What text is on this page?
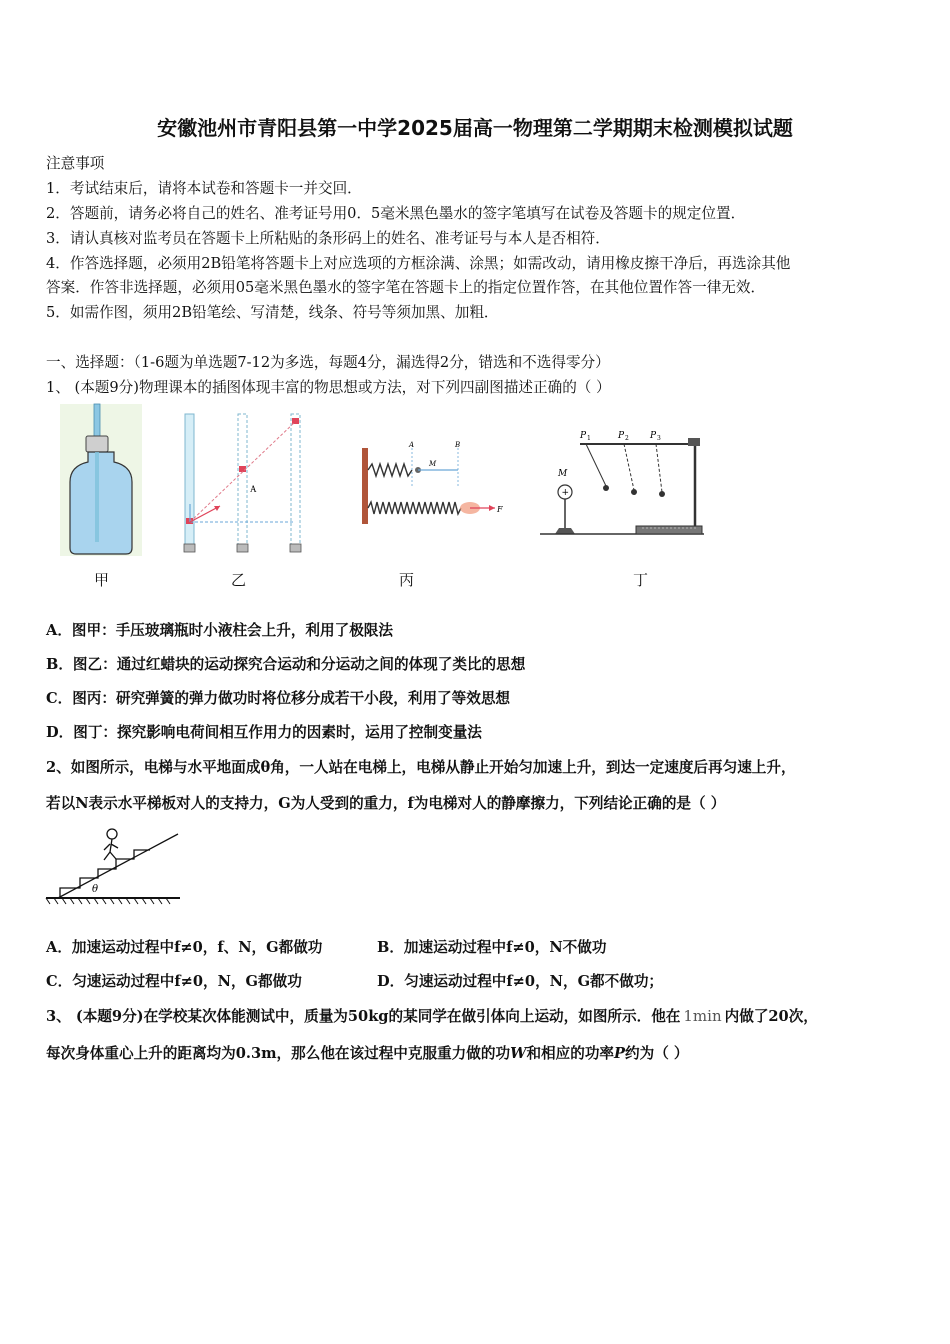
安徽池州市青阳县第一中学2025届高一物理第二学期期末检测模拟试题
注意事项
1．考试结束后，请将本试卷和答题卡一并交回．
2．答题前，请务必将自己的姓名、准考证号用0．5毫米黑色墨水的签字笔填写在试卷及答题卡的规定位置．
3．请认真核对监考员在答题卡上所粘贴的条形码上的姓名、准考证号与本人是否相符．
4．作答选择题，必须用2B铅笔将答题卡上对应选项的方框涂满、涂黑；如需改动，请用橡皮擦干净后，再选涂其他
答案．作答非选择题，必须用05毫米黑色墨水的签字笔在答题卡上的指定位置作答，在其他位置作答一律无效．
5．如需作图，须用2B铅笔绘、写清楚，线条、符号等须加黑、加粗．
一、选择题：（1-6题为单选题7-12为多选，每题4分，漏选得2分，错选和不选得零分）
1、 (本题9分)物理课本的插图体现丰富的物思想或方法，对下列四副图描述正确的（ ）
甲
A
乙
A	B
M
F
丙
P 1	P 2 P 3
M
+
丁
A．图甲：手压玻璃瓶时小液柱会上升，利用了极限法
B．图乙：通过红蜡块的运动探究合运动和分运动之间的体现了类比的思想
C．图丙：研究弹簧的弹力做功时将位移分成若干小段，利用了等效思想
D．图丁：探究影响电荷间相互作用力的因素时，运用了控制变量法
2、如图所示，电梯与水平地面成θ角，一人站在电梯上，电梯从静止开始匀加速上升，到达一定速度后再匀速上升，
若以N表示水平梯板对人的支持力，G为人受到的重力，f为电梯对人的静摩擦力，下列结论正确的是（ ）
θ
A．加速运动过程中f≠0，f、N，G都做功	B．加速运动过程中f≠0，N不做功
C．匀速运动过程中f≠0，N，G都做功	D．匀速运动过程中f≠0，N，G都不做功；
3、 (本题9分)在学校某次体能测试中，质量为50kg的某同学在做引体向上运动，如图所示．他在 1min 内做了20次，
每次身体重心上升的距离均为0.3m，那么他在该过程中克服重力做的功W和相应的功率P约为（ ）
